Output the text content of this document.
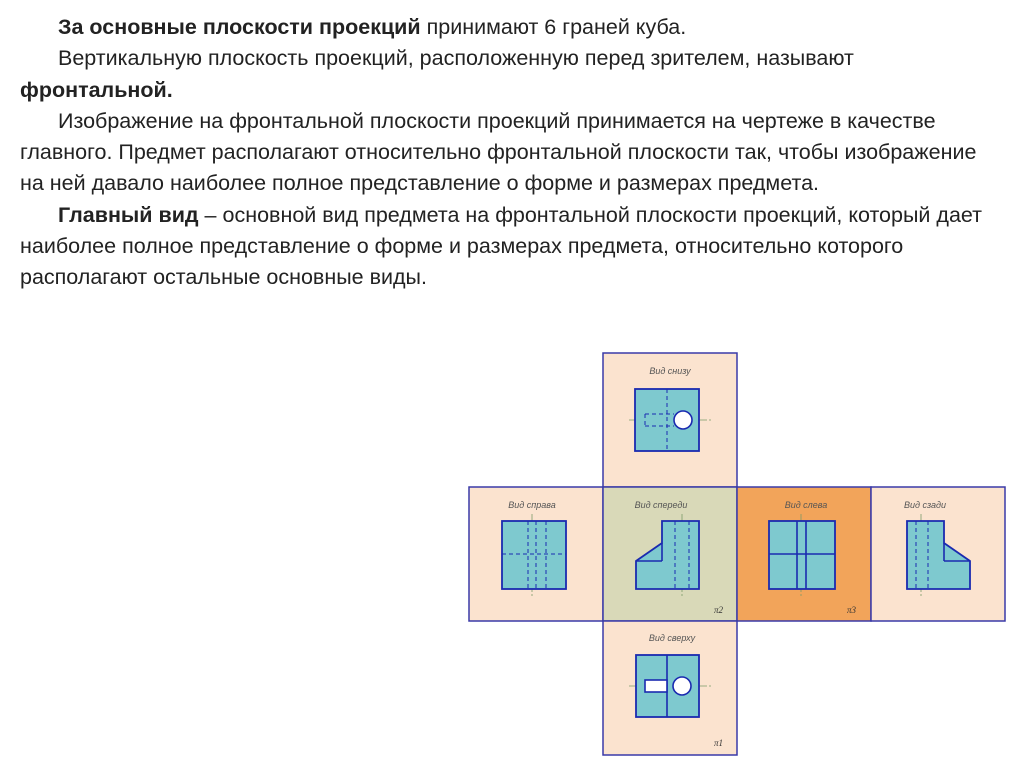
За основные плоскости проекций принимают 6 граней куба.

Вертикальную плоскость проекций, расположенную перед зрителем, называют фронтальной.

Изображение на фронтальной плоскости проекций принимается на чертеже в качестве главного. Предмет располагают относительно фронтальной плоскости так, чтобы изображение на ней давало наиболее полное представление о форме и размерах предмета.

Главный вид – основной вид предмета на фронтальной плоскости проекций, который дает наиболее полное представление о форме и размерах предмета, относительно которого располагают остальные основные виды.

Вид снизу
Вид справа	Вид спереди	Вид слева	Вид сзади
Вид сверху
π2	π3
π1
